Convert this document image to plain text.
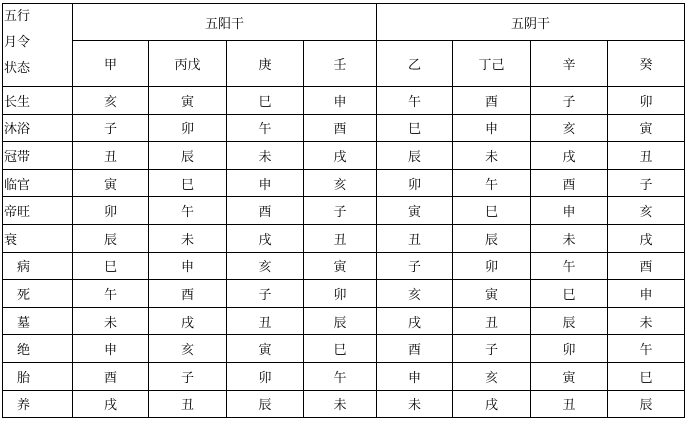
五行
月令
状态	五阳干				五阴干			
	甲	丙戊	庚	壬	乙	丁己	辛	癸
长生	亥	寅	巳	申	午	酉	子	卯
沐浴	子	卯	午	酉	巳	申	亥	寅
冠带	丑	辰	未	戌	辰	未	戌	丑
临官	寅	巳	申	亥	卯	午	酉	子
帝旺	卯	午	酉	子	寅	巳	申	亥
衰	辰	未	戌	丑	丑	辰	未	戌
病	巳	申	亥	寅	子	卯	午	酉
死	午	酉	子	卯	亥	寅	巳	申
墓	未	戌	丑	辰	戌	丑	辰	未
绝	申	亥	寅	巳	酉	子	卯	午
胎	酉	子	卯	午	申	亥	寅	巳
养	戌	丑	辰	未	未	戌	丑	辰
